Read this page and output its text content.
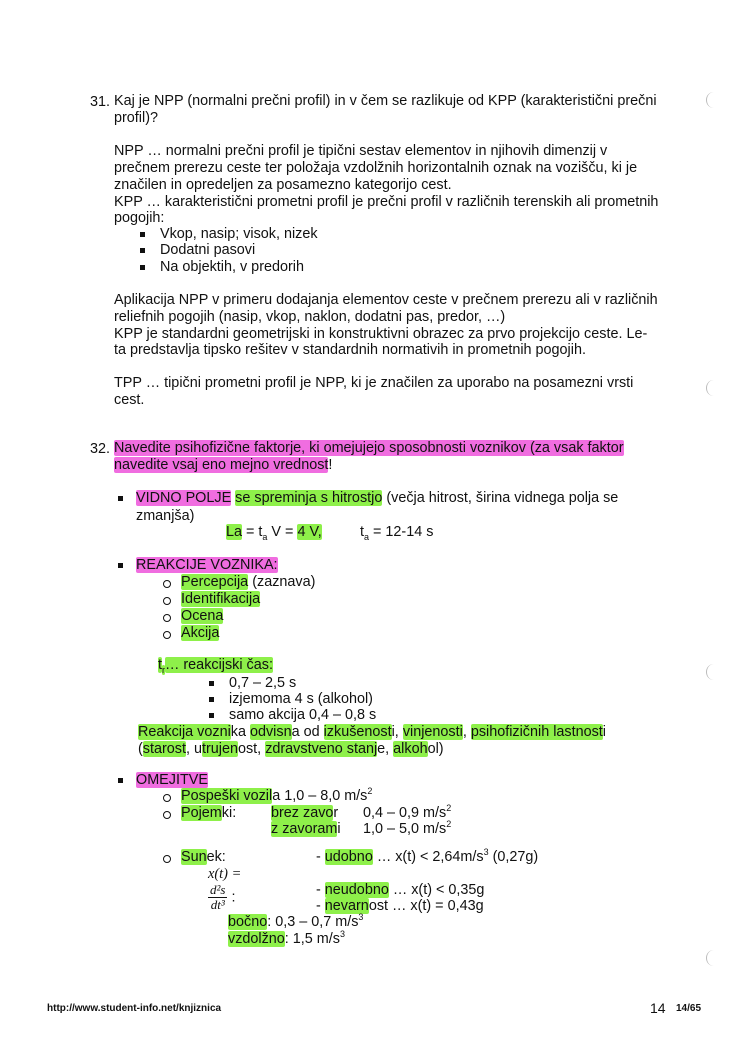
31.
32.

x(t) =

$\frac{\text{d²s}}{\text{dt³}}$ :

http://www.student-info.net/knjiznica	14 14/65
Kaj je NPP (normalni prečni profil) in v čem se razlikuje od KPP (karakteristični prečni
profil)?
NPP … normalni prečni profil je tipični sestav elementov in njihovih dimenzij v
prečnem prerezu ceste ter položaja vzdolžnih horizontalnih oznak na vozišču, ki je
značilen in opredeljen za posamezno kategorijo cest.
KPP … karakteristični prometni profil je prečni profil v različnih terenskih ali prometnih
pogojih:
Vkop, nasip; visok, nizek
Dodatni pasovi
Na objektih, v predorih
Aplikacija NPP v primeru dodajanja elementov ceste v prečnem prerezu ali v različnih
reliefnih pogojih (nasip, vkop, naklon, dodatni pas, predor, …)
KPP je standardni geometrijski in konstruktivni obrazec za prvo projekcijo ceste. Le-
ta predstavlja tipsko rešitev v standardnih normativih in prometnih pogojih.
TPP … tipični prometni profil je NPP, ki je značilen za uporabo na posamezni vrsti
cest.
Navedite psihofizične faktorje, ki omejujejo sposobnosti voznikov (za vsak faktor
navedite vsaj eno mejno vrednost!
VIDNO POLJE se spreminja s hitrostjo (večja hitrost, širina vidnega polja se
zmanjša)
$La = t_a$ V = 4 V,	$t_a = 12-14$ s
REAKCIJE VOZNIKA:
Percepcija (zaznava)
Identifikacija
Ocena
Akcija
$t_r\dots$ reakcijski čas:
0,7 – 2,5 s
izjemoma 4 s (alkohol)
samo akcija 0,4 – 0,8 s
Reakcija voznika odvisna od izkušenosti, vinjenosti, psihofizičnih lastnosti
(starost, utrujenost, zdravstveno stanje, alkohol)
OMEJITVE
Pospeški vozila 1,0 – 8,0 $m/s^2$
Pojemki: brez zavor 0,4 – 0,9 $m/s^2$
z zavorami 1,0 – 5,0 $m/s^2$
Sunek:	- udobno … $x(t) < 2,64m/s^3$ (0,27g)
- neudobno … x(t) < 0,35g
- nevarnost … x(t) = 0,43g
bočno: 0,3 – 0,7 $m/s^3$
vzdolžno: 1,5 $m/s^3$
